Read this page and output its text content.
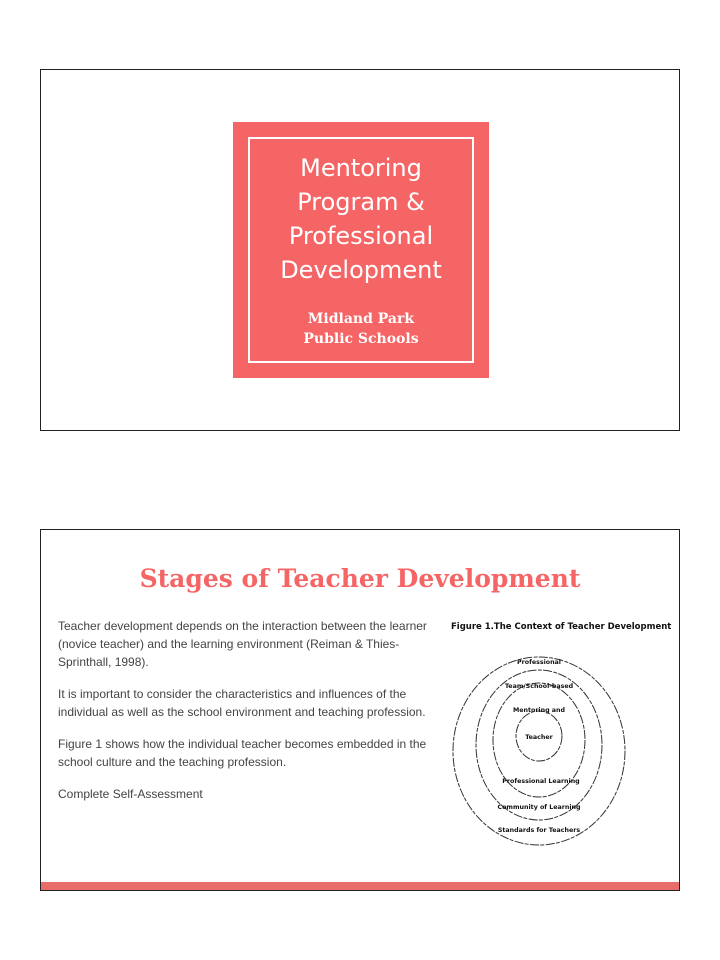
Mentoring Program & Professional Development
Midland Park Public Schools
Stages of Teacher Development

Teacher development depends on the interaction between the learner (novice teacher) and the learning environment (Reiman & Thies-Sprinthall, 1998).

It is important to consider the characteristics and influences of the individual as well as the school environment and teaching profession.

Figure 1 shows how the individual teacher becomes embedded in the school culture and the teaching profession.

Complete Self-Assessment

Figure 1.The Context of Teacher Development
Professional
Team/School-based
Mentoring and
Teacher
Professional Learning
Community of Learning
Standards for Teachers
